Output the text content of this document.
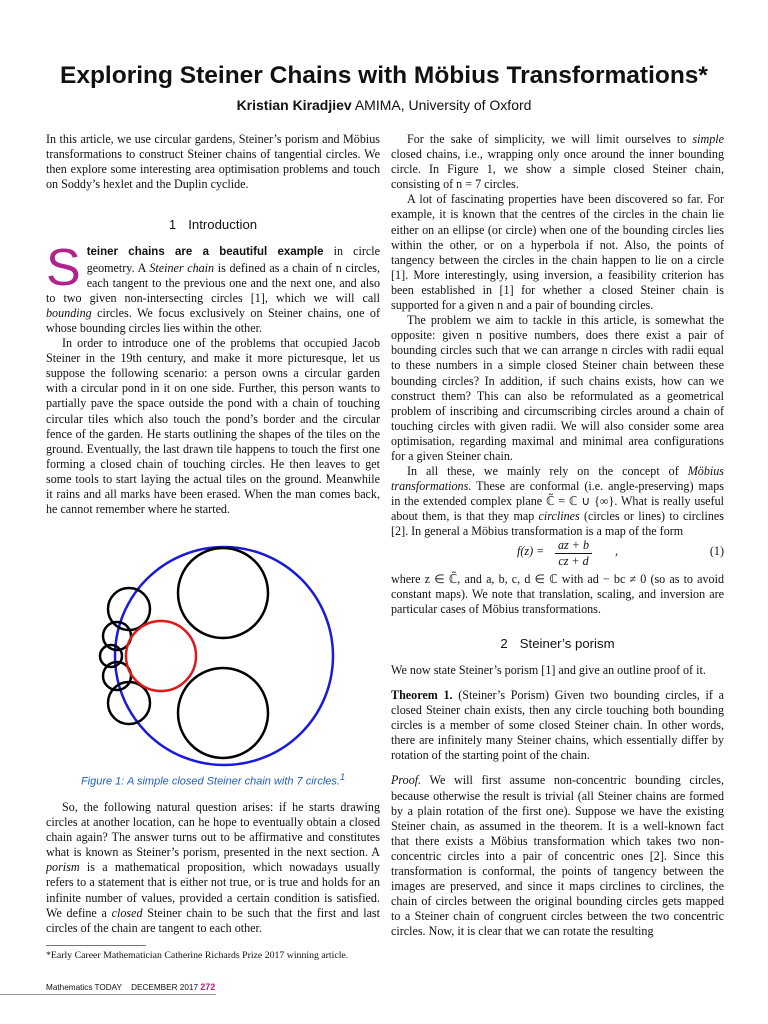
Exploring Steiner Chains with Möbius Transformations*
Kristian Kiradjiev AMIMA, University of Oxford

In this article, we use circular gardens, Steiner’s porism and Möbius transformations to construct Steiner chains of tangential circles. We then explore some interesting area optimisation problems and touch on Soddy’s hexlet and the Duplin cyclide.

1 Introduction

Steiner chains are a beautiful example in circle geometry. A Steiner chain is defined as a chain of n circles, each tangent to the previous one and the next one, and also to two given non-intersecting circles [1], which we will call bounding circles. We focus exclusively on Steiner chains, one of whose bounding circles lies within the other.

In order to introduce one of the problems that occupied Jacob Steiner in the 19th century, and make it more picturesque, let us suppose the following scenario: a person owns a circular garden with a circular pond in it on one side. Further, this person wants to partially pave the space outside the pond with a chain of touching circular tiles which also touch the pond’s border and the circular fence of the garden. He starts outlining the shapes of the tiles on the ground. Eventually, the last drawn tile happens to touch the first one forming a closed chain of touching circles. He then leaves to get some tools to start laying the actual tiles on the ground. Meanwhile it rains and all marks have been erased. When the man comes back, he cannot remember where he started.

Figure 1: A simple closed Steiner chain with 7 circles.$^1$

So, the following natural question arises: if he starts drawing circles at another location, can he hope to eventually obtain a closed chain again? The answer turns out to be affirmative and constitutes what is known as Steiner’s porism, presented in the next section. A porism is a mathematical proposition, which nowadays usually refers to a statement that is either not true, or is true and holds for an infinite number of values, provided a certain condition is satisfied. We define a closed Steiner chain to be such that the first and last circles of the chain are tangent to each other.

For the sake of simplicity, we will limit ourselves to simple closed chains, i.e., wrapping only once around the inner bounding circle. In Figure 1, we show a simple closed Steiner chain, consisting of n = 7 circles.

A lot of fascinating properties have been discovered so far. For example, it is known that the centres of the circles in the chain lie either on an ellipse (or circle) when one of the bounding circles lies within the other, or on a hyperbola if not. Also, the points of tangency between the circles in the chain happen to lie on a circle [1]. More interestingly, using inversion, a feasibility criterion has been established in [1] for whether a closed Steiner chain is supported for a given n and a pair of bounding circles.

The problem we aim to tackle in this article, is somewhat the opposite: given n positive numbers, does there exist a pair of bounding circles such that we can arrange n circles with radii equal to these numbers in a simple closed Steiner chain between these bounding circles? In addition, if such chains exists, how can we construct them? This can also be reformulated as a geometrical problem of inscribing and circumscribing circles around a chain of touching circles with given radii. We will also consider some area optimisation, regarding maximal and minimal area configurations for a given Steiner chain.

In all these, we mainly rely on the concept of Möbius transformations. These are conformal (i.e. angle-preserving) maps in the extended complex plane ℂ̃ = ℂ ∪ {∞}. What is really useful about them, is that they map circlines (circles or lines) to circlines [2]. In general a Möbius transformation is a map of the form

$f(z) = \frac{az + b}{cz + d}$ ,	(1)

where z ∈ ℂ̃, and a, b, c, d ∈ ℂ with ad − bc ≠ 0 (so as to avoid constant maps). We note that translation, scaling, and inversion are particular cases of Möbius transformations.

2 Steiner’s porism

We now state Steiner’s porism [1] and give an outline proof of it.

Theorem 1. (Steiner’s Porism) Given two bounding circles, if a closed Steiner chain exists, then any circle touching both bounding circles is a member of some closed Steiner chain. In other words, there are infinitely many Steiner chains, which essentially differ by rotation of the starting point of the chain.

Proof. We will first assume non-concentric bounding circles, because otherwise the result is trivial (all Steiner chains are formed by a plain rotation of the first one). Suppose we have the existing Steiner chain, as assumed in the theorem. It is a well-known fact that there exists a Möbius transformation which takes two non-concentric circles into a pair of concentric ones [2]. Since this transformation is conformal, the points of tangency between the images are preserved, and since it maps circlines to circlines, the chain of circles between the original bounding circles gets mapped to a Steiner chain of congruent circles between the two concentric circles. Now, it is clear that we can rotate the resulting

*Early Career Mathematician Catherine Richards Prize 2017 winning article.
Mathematics TODAY DECEMBER 2017 272
